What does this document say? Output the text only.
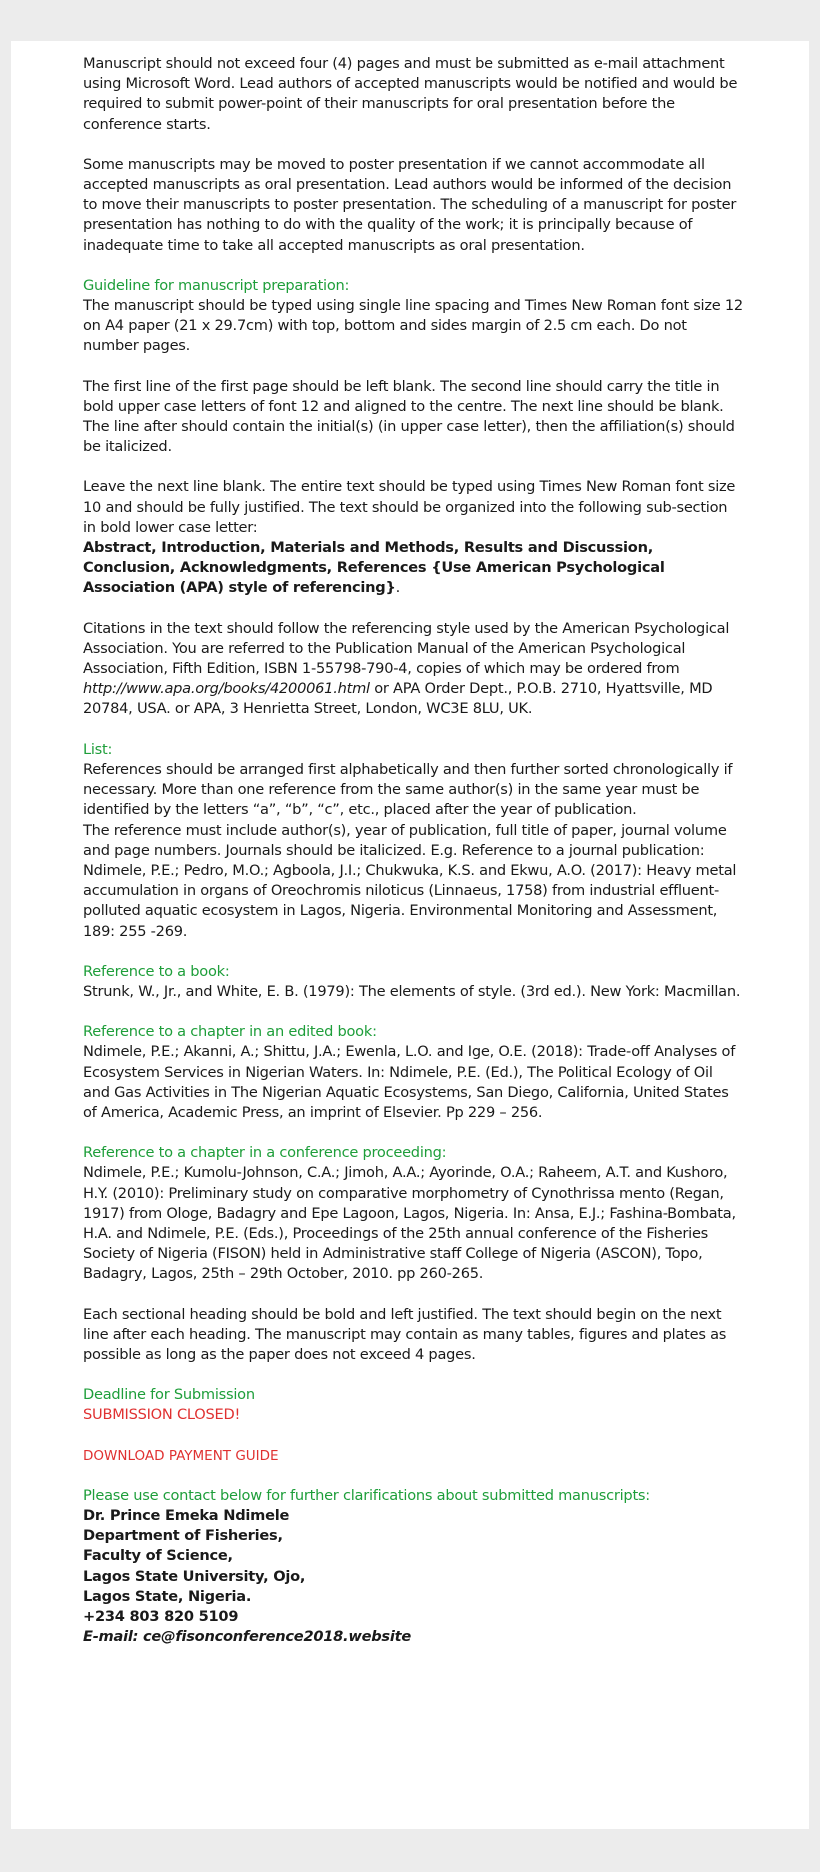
Manuscript should not exceed four (4) pages and must be submitted as e-mail attachment using Microsoft Word. Lead authors of accepted manuscripts would be notified and would be required to submit power-point of their manuscripts for oral presentation before the conference starts.

Some manuscripts may be moved to poster presentation if we cannot accommodate all accepted manuscripts as oral presentation. Lead authors would be informed of the decision to move their manuscripts to poster presentation. The scheduling of a manuscript for poster presentation has nothing to do with the quality of the work; it is principally because of inadequate time to take all accepted manuscripts as oral presentation.

Guideline for manuscript preparation:

The manuscript should be typed using single line spacing and Times New Roman font size 12 on A4 paper (21 x 29.7cm) with top, bottom and sides margin of 2.5 cm each. Do not number pages.

The first line of the first page should be left blank. The second line should carry the title in bold upper case letters of font 12 and aligned to the centre. The next line should be blank. The line after should contain the initial(s) (in upper case letter), then the affiliation(s) should be italicized.

Leave the next line blank. The entire text should be typed using Times New Roman font size 10 and should be fully justified. The text should be organized into the following sub-section in bold lower case letter:

Abstract, Introduction, Materials and Methods, Results and Discussion, Conclusion, Acknowledgments, References {Use American Psychological Association (APA) style of referencing}.

Citations in the text should follow the referencing style used by the American Psychological Association. You are referred to the Publication Manual of the American Psychological Association, Fifth Edition, ISBN 1-55798-790-4, copies of which may be ordered from http://www.apa.org/books/4200061.html or APA Order Dept., P.O.B. 2710, Hyattsville, MD 20784, USA. or APA, 3 Henrietta Street, London, WC3E 8LU, UK.

List:

References should be arranged first alphabetically and then further sorted chronologically if necessary. More than one reference from the same author(s) in the same year must be identified by the letters “a”, “b”, “c”, etc., placed after the year of publication.

The reference must include author(s), year of publication, full title of paper, journal volume and page numbers. Journals should be italicized. E.g. Reference to a journal publication: Ndimele, P.E.; Pedro, M.O.; Agboola, J.I.; Chukwuka, K.S. and Ekwu, A.O. (2017): Heavy metal accumulation in organs of Oreochromis niloticus (Linnaeus, 1758) from industrial effluent-polluted aquatic ecosystem in Lagos, Nigeria. Environmental Monitoring and Assessment, 189: 255 -269.

Reference to a book:

Strunk, W., Jr., and White, E. B. (1979): The elements of style. (3rd ed.). New York: Macmillan.

Reference to a chapter in an edited book:

Ndimele, P.E.; Akanni, A.; Shittu, J.A.; Ewenla, L.O. and Ige, O.E. (2018): Trade-off Analyses of Ecosystem Services in Nigerian Waters. In: Ndimele, P.E. (Ed.), The Political Ecology of Oil and Gas Activities in The Nigerian Aquatic Ecosystems, San Diego, California, United States of America, Academic Press, an imprint of Elsevier. Pp 229 – 256.

Reference to a chapter in a conference proceeding:

Ndimele, P.E.; Kumolu-Johnson, C.A.; Jimoh, A.A.; Ayorinde, O.A.; Raheem, A.T. and Kushoro, H.Y. (2010): Preliminary study on comparative morphometry of Cynothrissa mento (Regan, 1917) from Ologe, Badagry and Epe Lagoon, Lagos, Nigeria. In: Ansa, E.J.; Fashina-Bombata, H.A. and Ndimele, P.E. (Eds.), Proceedings of the 25th annual conference of the Fisheries Society of Nigeria (FISON) held in Administrative staff College of Nigeria (ASCON), Topo, Badagry, Lagos, 25th – 29th October, 2010. pp 260-265.

Each sectional heading should be bold and left justified. The text should begin on the next line after each heading. The manuscript may contain as many tables, figures and plates as possible as long as the paper does not exceed 4 pages.

Deadline for Submission

SUBMISSION CLOSED!

DOWNLOAD PAYMENT GUIDE

Please use contact below for further clarifications about submitted manuscripts:

Dr. Prince Emeka Ndimele
Department of Fisheries,
Faculty of Science,
Lagos State University, Ojo,
Lagos State, Nigeria.
+234 803 820 5109
E-mail: ce@fisonconference2018.website
